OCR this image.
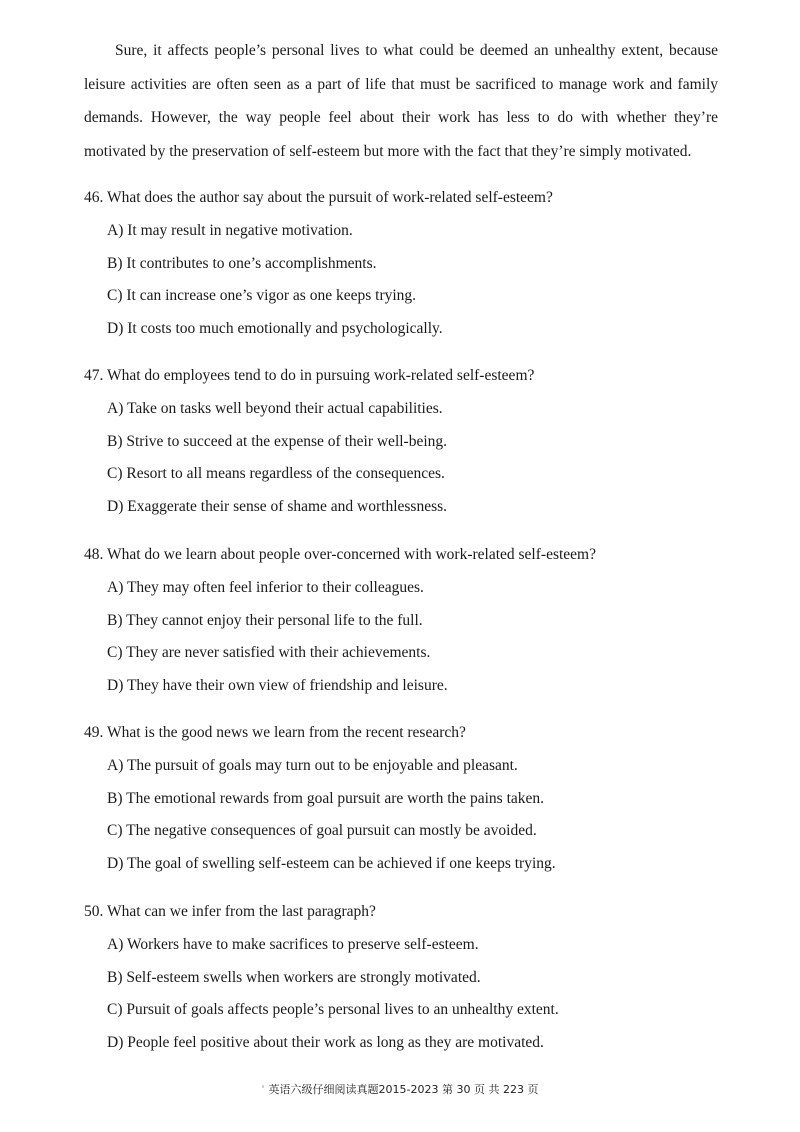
Sure, it affects people’s personal lives to what could be deemed an unhealthy extent, because leisure activities are often seen as a part of life that must be sacrificed to manage work and family demands. However, the way people feel about their work has less to do with whether they’re motivated by the preservation of self-esteem but more with the fact that they’re simply motivated.

46. What does the author say about the pursuit of work-related self-esteem?

A) It may result in negative motivation.

B) It contributes to one’s accomplishments.

C) It can increase one’s vigor as one keeps trying.

D) It costs too much emotionally and psychologically.

47. What do employees tend to do in pursuing work-related self-esteem?

A) Take on tasks well beyond their actual capabilities.

B) Strive to succeed at the expense of their well-being.

C) Resort to all means regardless of the consequences.

D) Exaggerate their sense of shame and worthlessness.

48. What do we learn about people over-concerned with work-related self-esteem?

A) They may often feel inferior to their colleagues.

B) They cannot enjoy their personal life to the full.

C) They are never satisfied with their achievements.

D) They have their own view of friendship and leisure.

49. What is the good news we learn from the recent research?

A) The pursuit of goals may turn out to be enjoyable and pleasant.

B) The emotional rewards from goal pursuit are worth the pains taken.

C) The negative consequences of goal pursuit can mostly be avoided.

D) The goal of swelling self-esteem can be achieved if one keeps trying.

50. What can we infer from the last paragraph?

A) Workers have to make sacrifices to preserve self-esteem.

B) Self-esteem swells when workers are strongly motivated.

C) Pursuit of goals affects people’s personal lives to an unhealthy extent.

D) People feel positive about their work as long as they are motivated.

' 英语六级仔细阅读真题2015-2023 第 30 页 共 223 页
